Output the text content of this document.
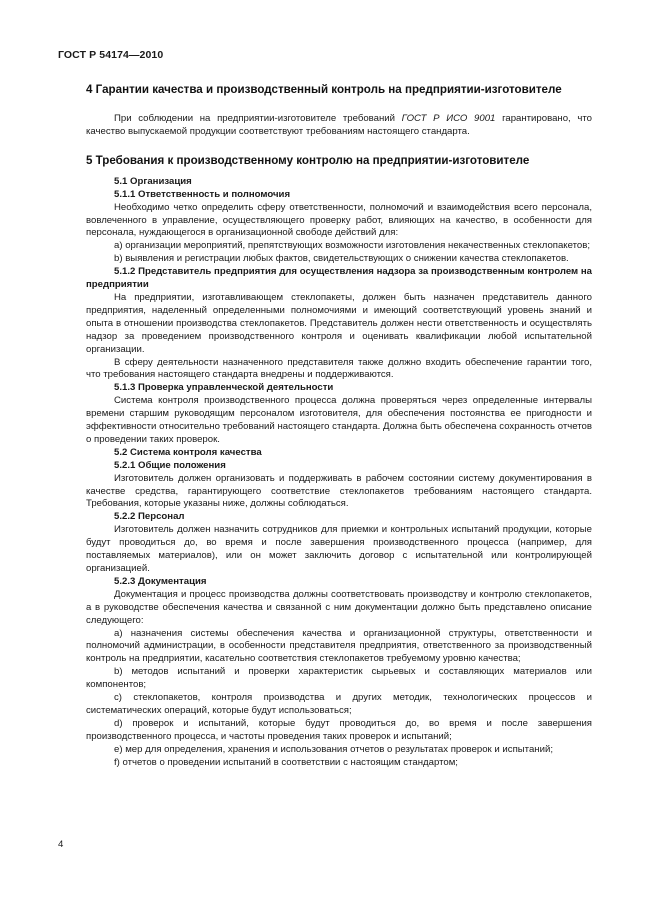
ГОСТ Р 54174—2010
4 Гарантии качества и производственный контроль на предприятии-изготовителе

При соблюдении на предприятии-изготовителе требований ГОСТ Р ИСО 9001 гарантировано, что качество выпускаемой продукции соответствуют требованиям настоящего стандарта.

5 Требования к производственному контролю на предприятии-изготовителе

5.1 Организация

5.1.1 Ответственность и полномочия

Необходимо четко определить сферу ответственности, полномочий и взаимодействия всего персонала, вовлеченного в управление, осуществляющего проверку работ, влияющих на качество, в особенности для персонала, нуждающегося в организационной свободе действий для:

а) организации мероприятий, препятствующих возможности изготовления некачественных стеклопакетов;

b) выявления и регистрации любых фактов, свидетельствующих о снижении качества стеклопакетов.

5.1.2 Представитель предприятия для осуществления надзора за производственным контролем на предприятии

На предприятии, изготавливающем стеклопакеты, должен быть назначен представитель данного предприятия, наделенный определенными полномочиями и имеющий соответствующий уровень знаний и опыта в отношении производства стеклопакетов. Представитель должен нести ответственность и осуществлять надзор за проведением производственного контроля и оценивать квалификации любой испытательной организации.

В сферу деятельности назначенного представителя также должно входить обеспечение гарантии того, что требования настоящего стандарта внедрены и поддерживаются.

5.1.3 Проверка управленческой деятельности

Система контроля производственного процесса должна проверяться через определенные интервалы времени старшим руководящим персоналом изготовителя, для обеспечения постоянства ее пригодности и эффективности относительно требований настоящего стандарта. Должна быть обеспечена сохранность отчетов о проведении таких проверок.

5.2 Система контроля качества

5.2.1 Общие положения

Изготовитель должен организовать и поддерживать в рабочем состоянии систему документирования в качестве средства, гарантирующего соответствие стеклопакетов требованиям настоящего стандарта. Требования, которые указаны ниже, должны соблюдаться.

5.2.2 Персонал

Изготовитель должен назначить сотрудников для приемки и контрольных испытаний продукции, которые будут проводиться до, во время и после завершения производственного процесса (например, для поставляемых материалов), или он может заключить договор с испытательной или контролирующей организацией.

5.2.3 Документация

Документация и процесс производства должны соответствовать производству и контролю стеклопакетов, а в руководстве обеспечения качества и связанной с ним документации должно быть представлено описание следующего:

а) назначения системы обеспечения качества и организационной структуры, ответственности и полномочий администрации, в особенности представителя предприятия, ответственного за производственный контроль на предприятии, касательно соответствия стеклопакетов требуемому уровню качества;

b) методов испытаний и проверки характеристик сырьевых и составляющих материалов или компонентов;

с) стеклопакетов, контроля производства и других методик, технологических процессов и систематических операций, которые будут использоваться;

d) проверок и испытаний, которые будут проводиться до, во время и после завершения производственного процесса, и частоты проведения таких проверок и испытаний;

е) мер для определения, хранения и использования отчетов о результатах проверок и испытаний;

f) отчетов о проведении испытаний в соответствии с настоящим стандартом;

4
